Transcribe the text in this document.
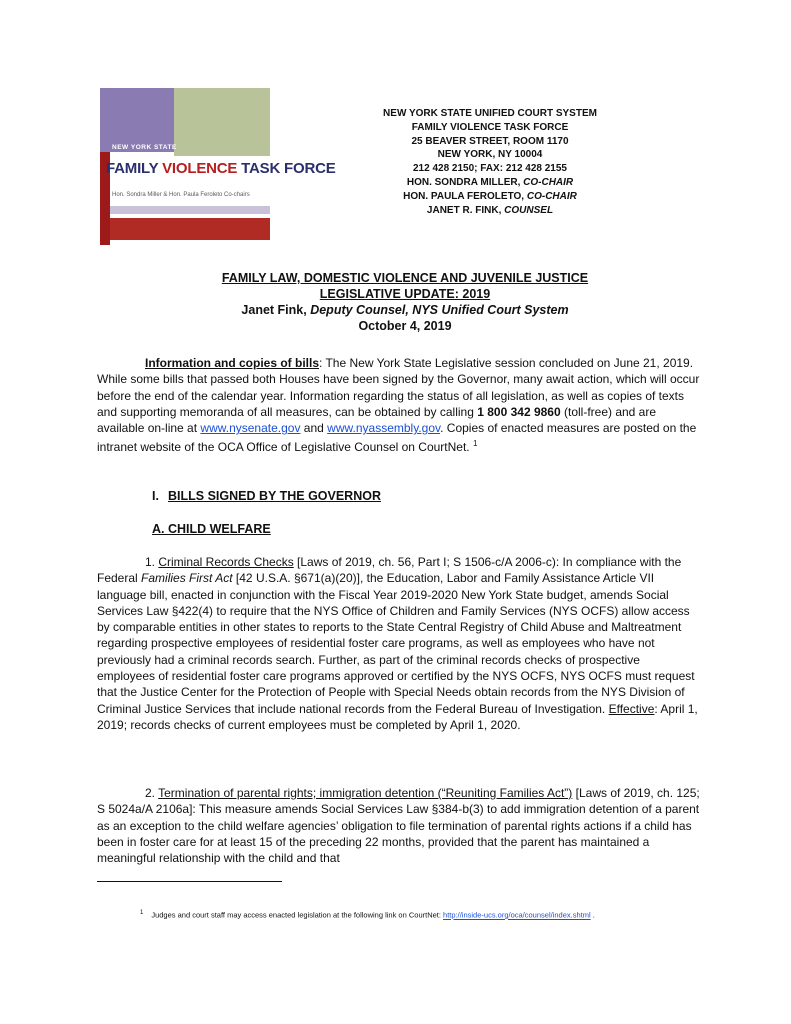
NEW YORK STATE
FAMILY VIOLENCE TASK FORCE
Hon. Sondra Miller & Hon. Paula Feroleto Co-chairs
NEW YORK STATE UNIFIED COURT SYSTEM
FAMILY VIOLENCE TASK FORCE
25 BEAVER STREET, ROOM 1170
NEW YORK, NY 10004
212 428 2150; FAX: 212 428 2155
HON. SONDRA MILLER, CO-CHAIR
HON. PAULA FEROLETO, CO-CHAIR
JANET R. FINK, COUNSEL
FAMILY LAW, DOMESTIC VIOLENCE AND JUVENILE JUSTICE
LEGISLATIVE UPDATE: 2019
Janet Fink, Deputy Counsel, NYS Unified Court System
October 4, 2019
Information and copies of bills: The New York State Legislative session concluded on June 21, 2019. While some bills that passed both Houses have been signed by the Governor, many await action, which will occur before the end of the calendar year. Information regarding the status of all legislation, as well as copies of texts and supporting memoranda of all measures, can be obtained by calling 1 800 342 9860 (toll-free) and are available on-line at www.nysenate.gov and www.nyassembly.gov. Copies of enacted measures are posted on the intranet website of the OCA Office of Legislative Counsel on CourtNet. $^1$
I. BILLS SIGNED BY THE GOVERNOR
A. CHILD WELFARE
1. Criminal Records Checks [Laws of 2019, ch. 56, Part I; S 1506-c/A 2006-c): In compliance with the Federal Families First Act [42 U.S.A. §671(a)(20)], the Education, Labor and Family Assistance Article VII language bill, enacted in conjunction with the Fiscal Year 2019-2020 New York State budget, amends Social Services Law §422(4) to require that the NYS Office of Children and Family Services (NYS OCFS) allow access by comparable entities in other states to reports to the State Central Registry of Child Abuse and Maltreatment regarding prospective employees of residential foster care programs, as well as employees who have not previously had a criminal records search. Further, as part of the criminal records checks of prospective employees of residential foster care programs approved or certified by the NYS OCFS, NYS OCFS must request that the Justice Center for the Protection of People with Special Needs obtain records from the NYS Division of Criminal Justice Services that include national records from the Federal Bureau of Investigation. Effective: April 1, 2019; records checks of current employees must be completed by April 1, 2020.
2. Termination of parental rights; immigration detention (“Reuniting Families Act”) [Laws of 2019, ch. 125; S 5024a/A 2106a]: This measure amends Social Services Law §384-b(3) to add immigration detention of a parent as an exception to the child welfare agencies’ obligation to file termination of parental rights actions if a child has been in foster care for at least 15 of the preceding 22 months, provided that the parent has maintained a meaningful relationship with the child and that
$^1$ Judges and court staff may access enacted legislation at the following link on CourtNet: http://inside-ucs.org/oca/counsel/index.shtml .
